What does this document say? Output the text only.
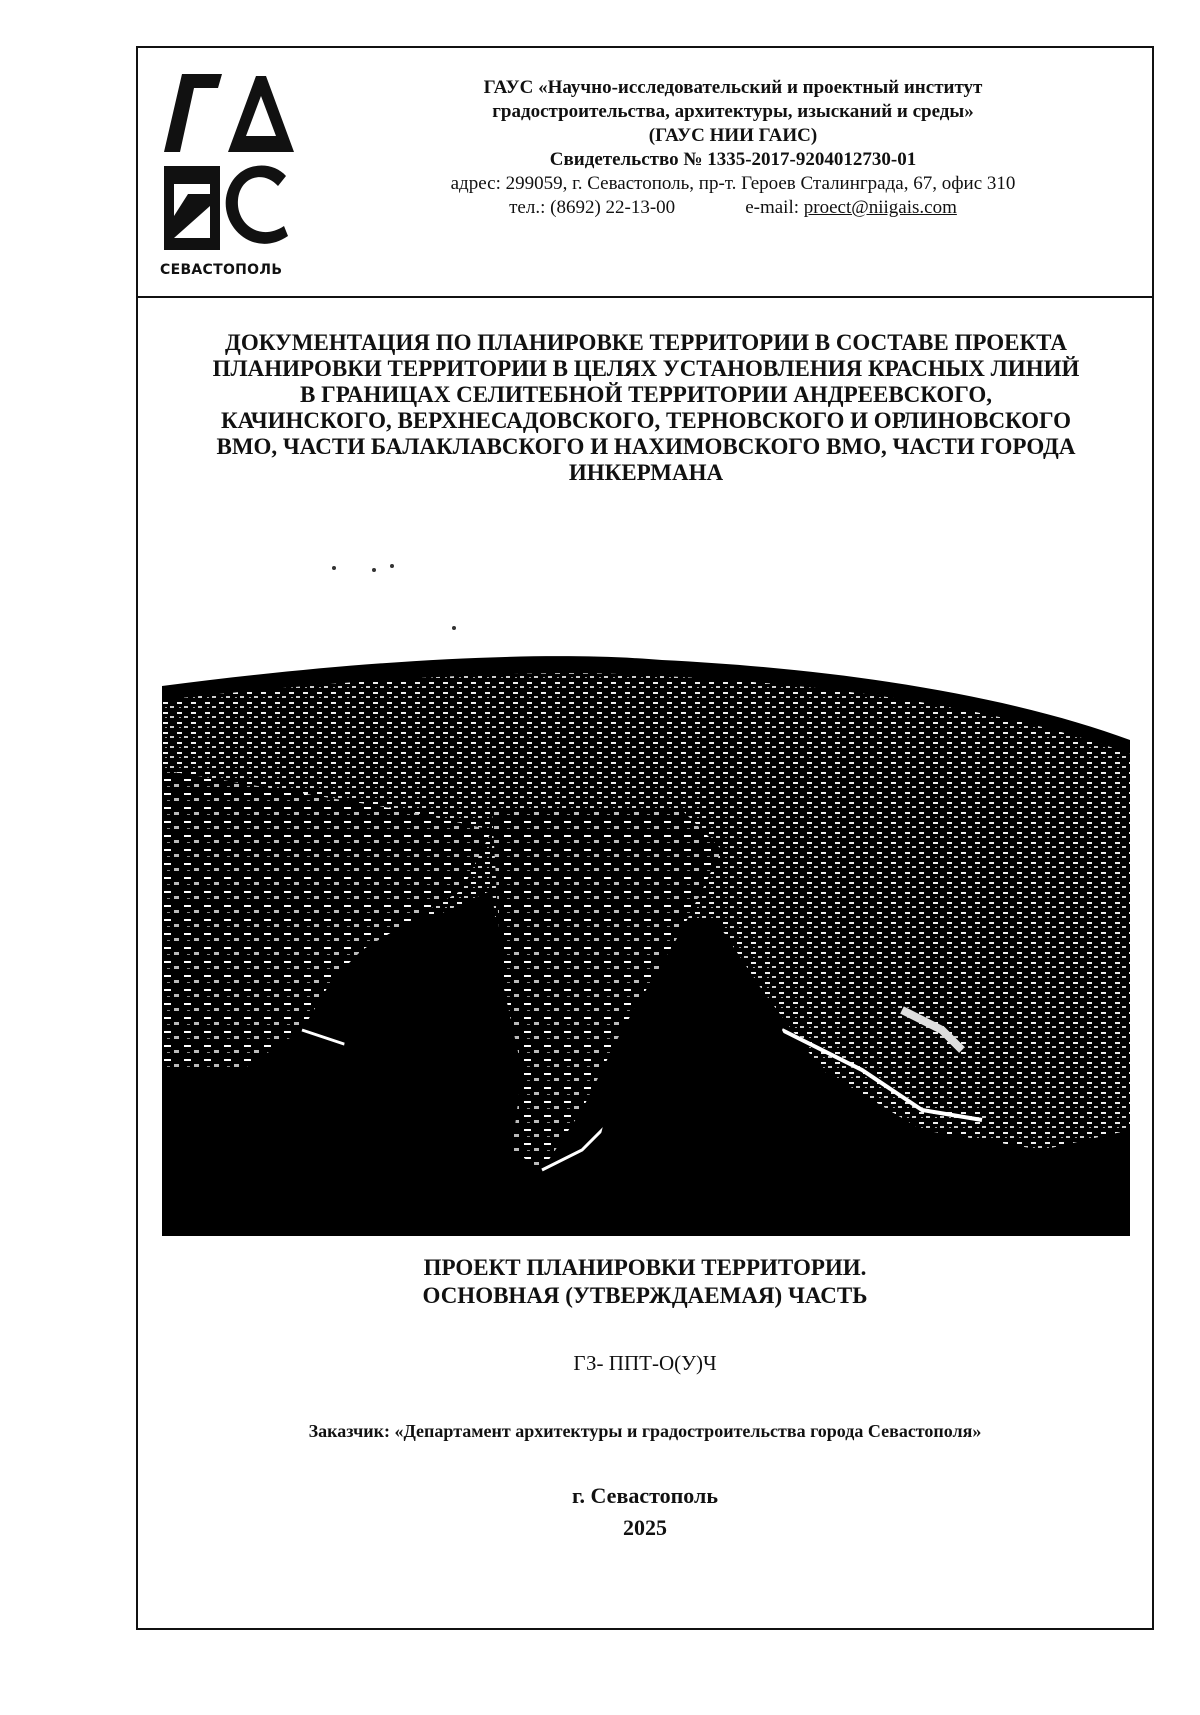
СЕВАСТОПОЛЬ
ГАУС «Научно-исследовательский и проектный институт
градостроительства, архитектуры, изысканий и среды»
(ГАУС НИИ ГАИС)
Свидетельство № 1335-2017-9204012730-01
адрес: 299059, г. Севастополь, пр-т. Героев Сталинграда, 67, офис 310
тел.: (8692) 22-13-00	e-mail: proect@niigais.com
ДОКУМЕНТАЦИЯ ПО ПЛАНИРОВКЕ ТЕРРИТОРИИ В СОСТАВЕ ПРОЕКТА
ПЛАНИРОВКИ ТЕРРИТОРИИ В ЦЕЛЯХ УСТАНОВЛЕНИЯ КРАСНЫХ ЛИНИЙ
В ГРАНИЦАХ СЕЛИТЕБНОЙ ТЕРРИТОРИИ АНДРЕЕВСКОГО,
КАЧИНСКОГО, ВЕРХНЕСАДОВСКОГО, ТЕРНОВСКОГО И ОРЛИНОВСКОГО
ВМО, ЧАСТИ БАЛАКЛАВСКОГО И НАХИМОВСКОГО ВМО, ЧАСТИ ГОРОДА
ИНКЕРМАНА
ПРОЕКТ ПЛАНИРОВКИ ТЕРРИТОРИИ.
ОСНОВНАЯ (УТВЕРЖДАЕМАЯ) ЧАСТЬ
ГЗ- ППТ-О(У)Ч
Заказчик: «Департамент архитектуры и градостроительства города Севастополя»
г. Севастополь
2025
